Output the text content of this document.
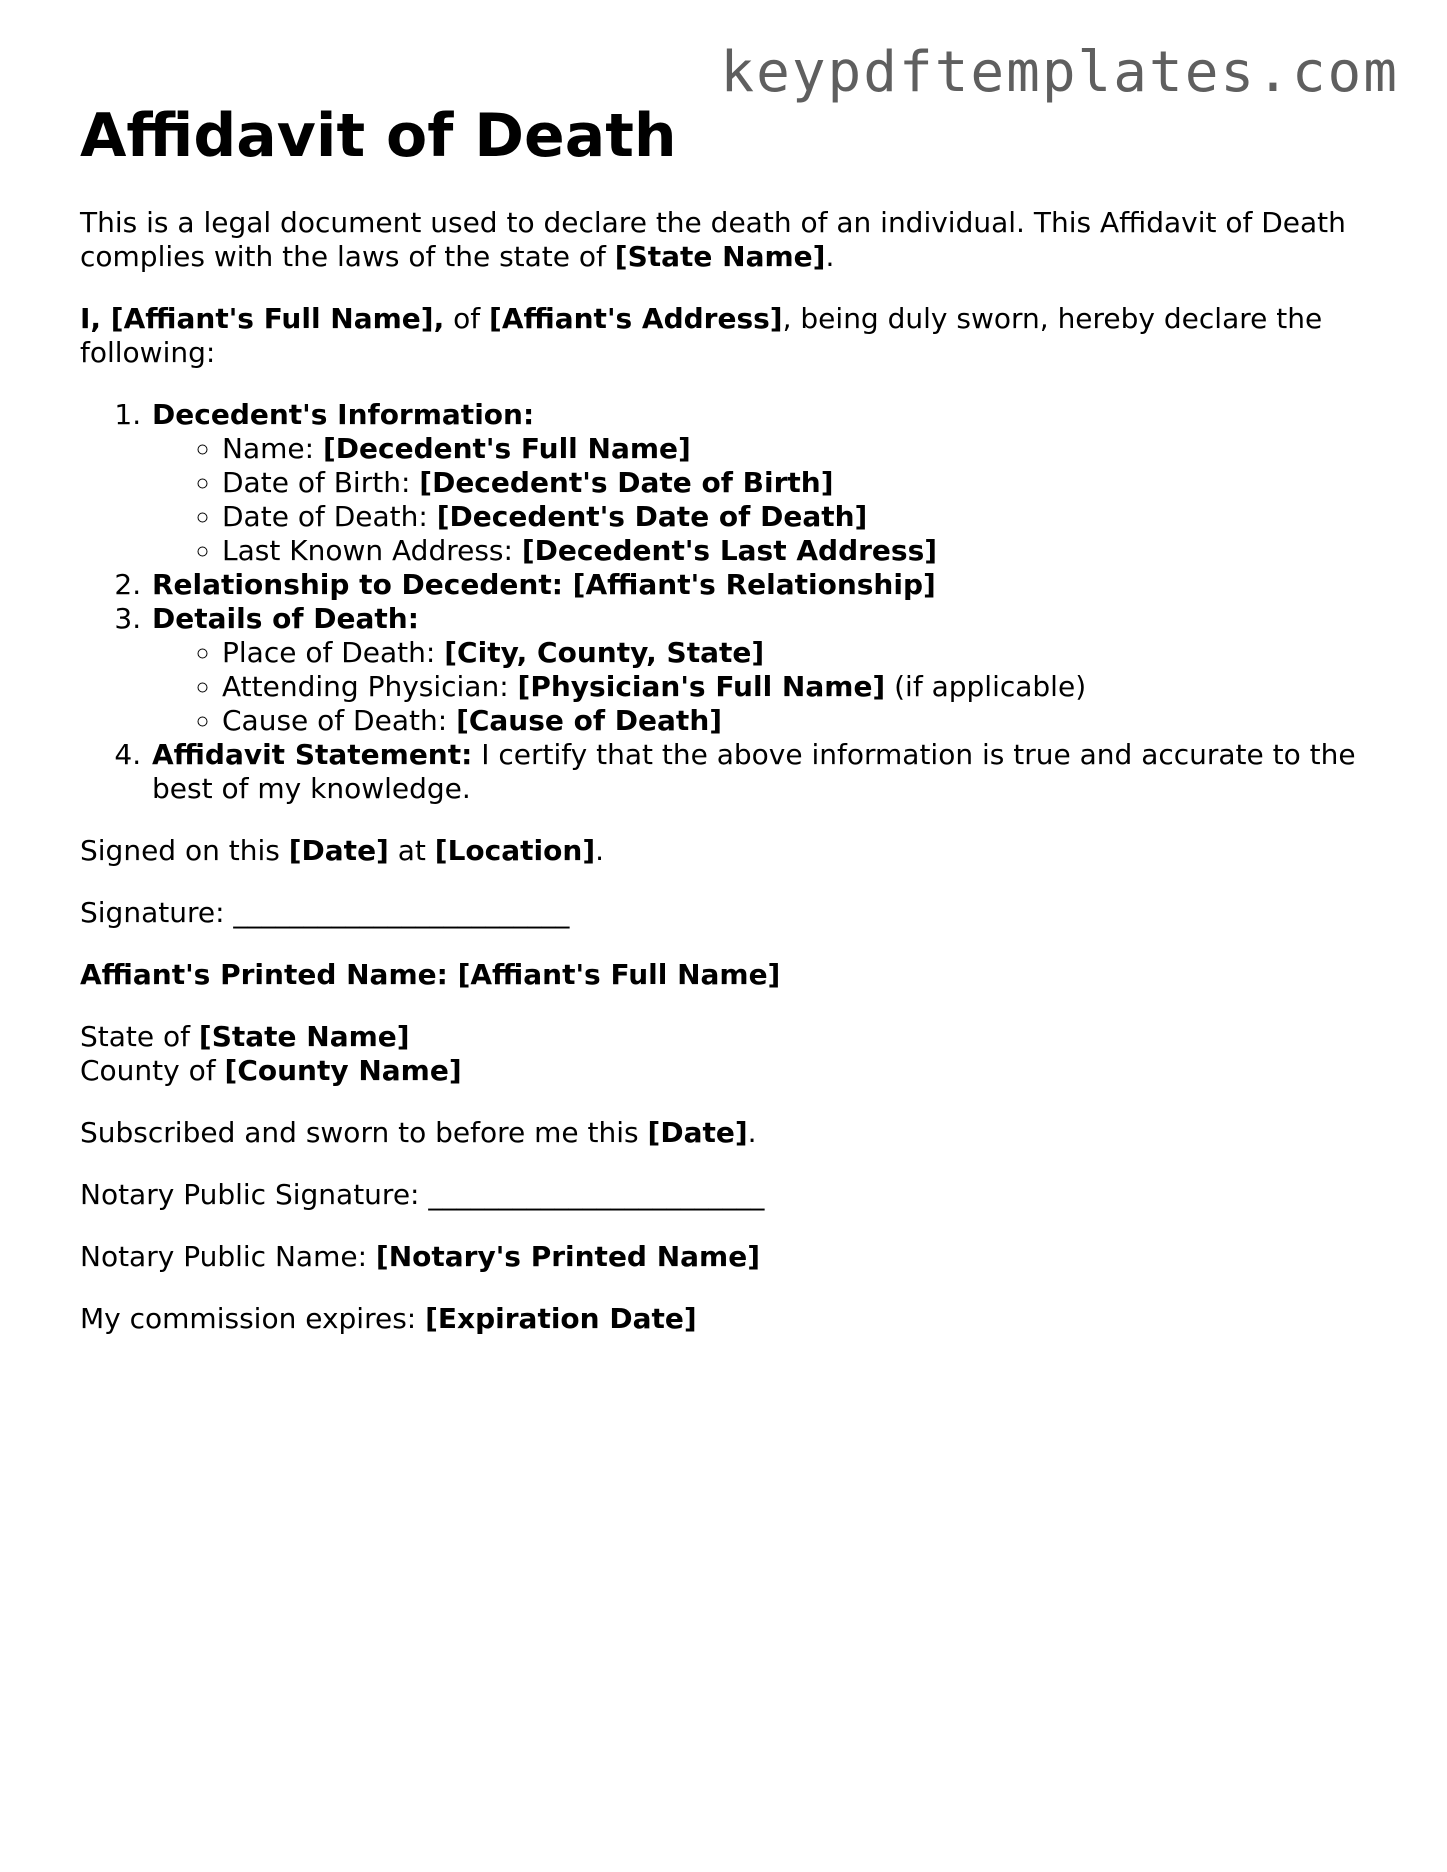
keypdftemplates.com
Affidavit of Death

This is a legal document used to declare the death of an individual. This Affidavit of Death complies with the laws of the state of [State Name].

I, [Affiant's Full Name], of [Affiant's Address], being duly sworn, hereby declare the following:

1. Decedent's Information:
◦ Name: [Decedent's Full Name]
◦ Date of Birth: [Decedent's Date of Birth]
◦ Date of Death: [Decedent's Date of Death]
◦ Last Known Address: [Decedent's Last Address]
2. Relationship to Decedent: [Affiant's Relationship]
3. Details of Death:
◦ Place of Death: [City, County, State]
◦ Attending Physician: [Physician's Full Name] (if applicable)
◦ Cause of Death: [Cause of Death]
4. Affidavit Statement: I certify that the above information is true and accurate to the best of my knowledge.

Signed on this [Date] at [Location].

Signature: ________________________

Affiant's Printed Name: [Affiant's Full Name]

State of [State Name]

County of [County Name]

Subscribed and sworn to before me this [Date].

Notary Public Signature: ________________________

Notary Public Name: [Notary's Printed Name]

My commission expires: [Expiration Date]
